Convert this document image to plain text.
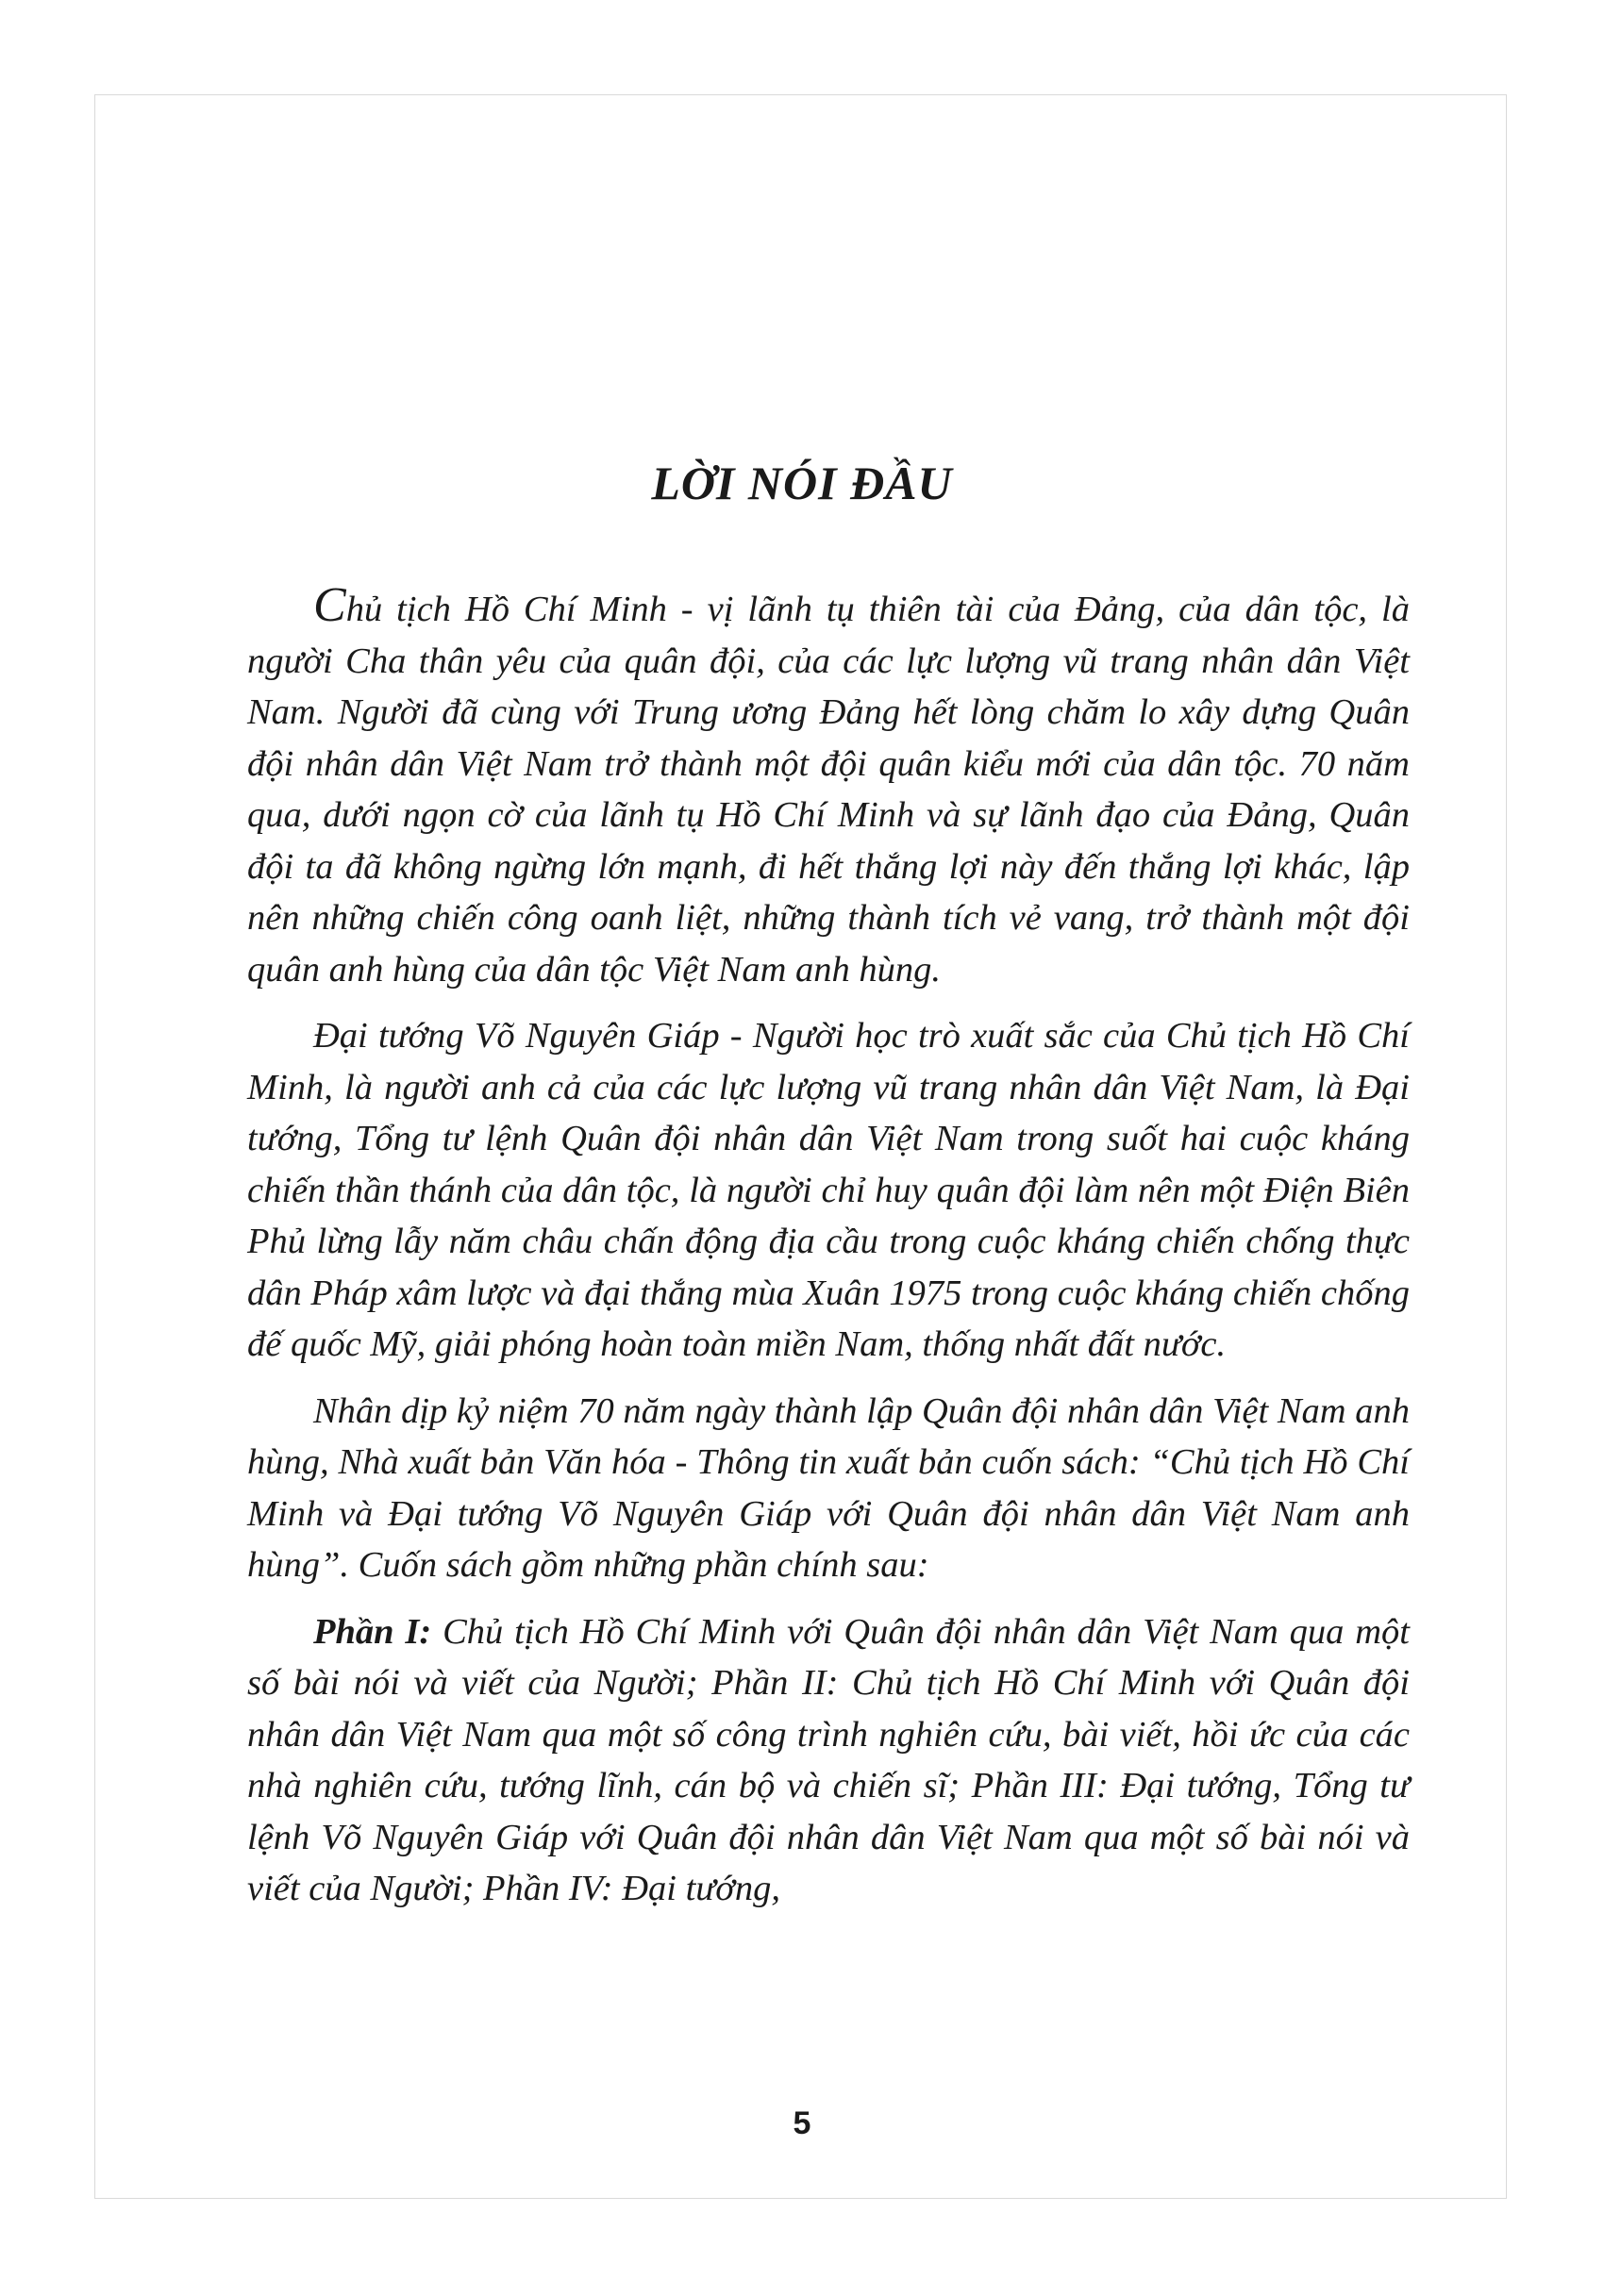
LỜI NÓI ĐẦU

Chủ tịch Hồ Chí Minh - vị lãnh tụ thiên tài của Đảng, của dân tộc, là người Cha thân yêu của quân đội, của các lực lượng vũ trang nhân dân Việt Nam. Người đã cùng với Trung ương Đảng hết lòng chăm lo xây dựng Quân đội nhân dân Việt Nam trở thành một đội quân kiểu mới của dân tộc. 70 năm qua, dưới ngọn cờ của lãnh tụ Hồ Chí Minh và sự lãnh đạo của Đảng, Quân đội ta đã không ngừng lớn mạnh, đi hết thắng lợi này đến thắng lợi khác, lập nên những chiến công oanh liệt, những thành tích vẻ vang, trở thành một đội quân anh hùng của dân tộc Việt Nam anh hùng.

Đại tướng Võ Nguyên Giáp - Người học trò xuất sắc của Chủ tịch Hồ Chí Minh, là người anh cả của các lực lượng vũ trang nhân dân Việt Nam, là Đại tướng, Tổng tư lệnh Quân đội nhân dân Việt Nam trong suốt hai cuộc kháng chiến thần thánh của dân tộc, là người chỉ huy quân đội làm nên một Điện Biên Phủ lừng lẫy năm châu chấn động địa cầu trong cuộc kháng chiến chống thực dân Pháp xâm lược và đại thắng mùa Xuân 1975 trong cuộc kháng chiến chống đế quốc Mỹ, giải phóng hoàn toàn miền Nam, thống nhất đất nước.

Nhân dịp kỷ niệm 70 năm ngày thành lập Quân đội nhân dân Việt Nam anh hùng, Nhà xuất bản Văn hóa - Thông tin xuất bản cuốn sách: “Chủ tịch Hồ Chí Minh và Đại tướng Võ Nguyên Giáp với Quân đội nhân dân Việt Nam anh hùng”. Cuốn sách gồm những phần chính sau:

Phần I: Chủ tịch Hồ Chí Minh với Quân đội nhân dân Việt Nam qua một số bài nói và viết của Người; Phần II: Chủ tịch Hồ Chí Minh với Quân đội nhân dân Việt Nam qua một số công trình nghiên cứu, bài viết, hồi ức của các nhà nghiên cứu, tướng lĩnh, cán bộ và chiến sĩ; Phần III: Đại tướng, Tổng tư lệnh Võ Nguyên Giáp với Quân đội nhân dân Việt Nam qua một số bài nói và viết của Người; Phần IV: Đại tướng,

5
